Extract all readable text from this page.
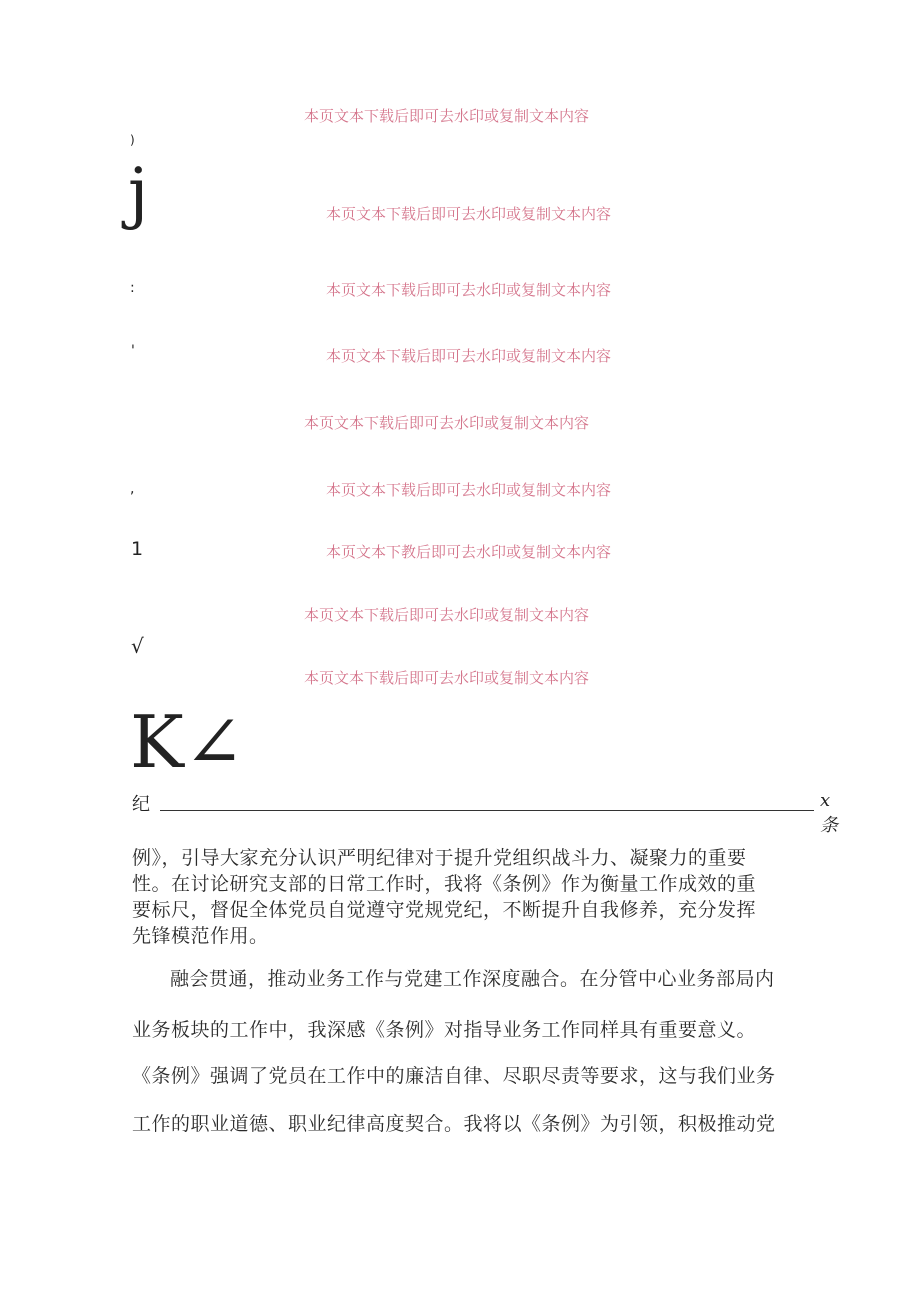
本页文本下载后即可去水印或复制文本内容
本页文本下载后即可去水印或复制文本内容
本页文本下载后即可去水印或复制文本内容
本页文本下载后即可去水印或复制文本内容
本页文本下载后即可去水印或复制文本内容
本页文本下载后即可去水印或复制文本内容
本页文本下教后即可去水印或复制文本内容
本页文本下载后即可去水印或复制文本内容
本页文本下载后即可去水印或复制文本内容
)
j
:
'
,
1
√
K∠
纪	x条
例》，引导大家充分认识严明纪律对于提升党组织战斗力、凝聚力的重要
性。在讨论研究支部的日常工作时，我将《条例》作为衡量工作成效的重
要标尺，督促全体党员自觉遵守党规党纪，不断提升自我修养，充分发挥
先锋模范作用。
融会贯通，推动业务工作与党建工作深度融合。在分管中心业务部局内
业务板块的工作中，我深感《条例》对指导业务工作同样具有重要意义。
《条例》强调了党员在工作中的廉洁自律、尽职尽责等要求，这与我们业务
工作的职业道德、职业纪律高度契合。我将以《条例》为引领，积极推动党
